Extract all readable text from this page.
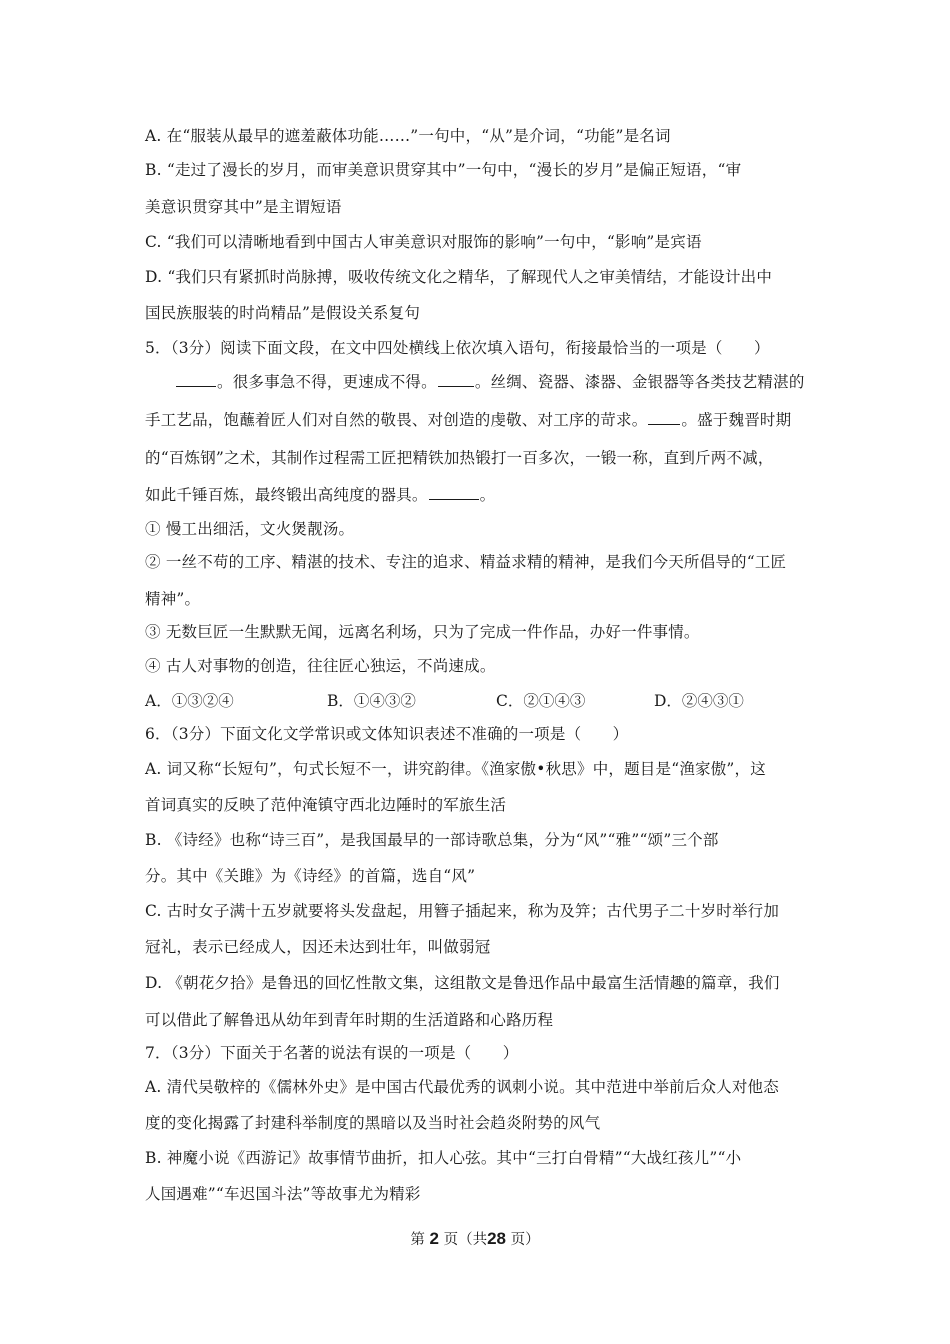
A. 在“服装从最早的遮羞蔽体功能……”一句中，“从”是介词，“功能”是名词
B. “走过了漫长的岁月，而审美意识贯穿其中”一句中，“漫长的岁月”是偏正短语，“审
美意识贯穿其中”是主谓短语
C. “我们可以清晰地看到中国古人审美意识对服饰的影响”一句中，“影响”是宾语
D. “我们只有紧抓时尚脉搏，吸收传统文化之精华，了解现代人之审美情结，才能设计出中
国民族服装的时尚精品”是假设关系复句
5．（3分）阅读下面文段，在文中四处横线上依次填入语句，衔接最恰当的一项是（　　）
。很多事急不得，更速成不得。 。丝绸、瓷器、漆器、金银器等各类技艺精湛的
手工艺品，饱蘸着匠人们对自然的敬畏、对创造的虔敬、对工序的苛求。 。盛于魏晋时期
的“百炼钢”之术，其制作过程需工匠把精铁加热锻打一百多次，一锻一称，直到斤两不减，
如此千锤百炼，最终锻出高纯度的器具。	。
① 慢工出细活，文火煲靓汤。
② 一丝不苟的工序、精湛的技术、专注的追求、精益求精的精神，是我们今天所倡导的“工匠
精神”。
③ 无数巨匠一生默默无闻，远离名利场，只为了完成一件作品，办好一件事情。
④ 古人对事物的创造，往往匠心独运，不尚速成。
A．①③②④	B．①④③②	C．②①④③	D．②④③①
6．（3分）下面文化文学常识或文体知识表述不准确的一项是（　　）
A. 词又称“长短句”，句式长短不一，讲究韵律。《渔家傲•秋思》中，题目是“渔家傲”，这
首词真实的反映了范仲淹镇守西北边陲时的军旅生活
B. 《诗经》也称“诗三百”，是我国最早的一部诗歌总集，分为“风”“雅”“颂”三个部
分。其中《关雎》为《诗经》的首篇，选自“风”
C. 古时女子满十五岁就要将头发盘起，用簪子插起来，称为及笄；古代男子二十岁时举行加
冠礼，表示已经成人，因还未达到壮年，叫做弱冠
D. 《朝花夕拾》是鲁迅的回忆性散文集，这组散文是鲁迅作品中最富生活情趣的篇章，我们
可以借此了解鲁迅从幼年到青年时期的生活道路和心路历程
7．（3分）下面关于名著的说法有误的一项是（　　）
A. 清代吴敬梓的《儒林外史》是中国古代最优秀的讽刺小说。其中范进中举前后众人对他态
度的变化揭露了封建科举制度的黑暗以及当时社会趋炎附势的风气
B. 神魔小说《西游记》故事情节曲折，扣人心弦。其中“三打白骨精”“大战红孩儿”“小
人国遇难”“车迟国斗法”等故事尤为精彩
第 2 页（共28 页）
